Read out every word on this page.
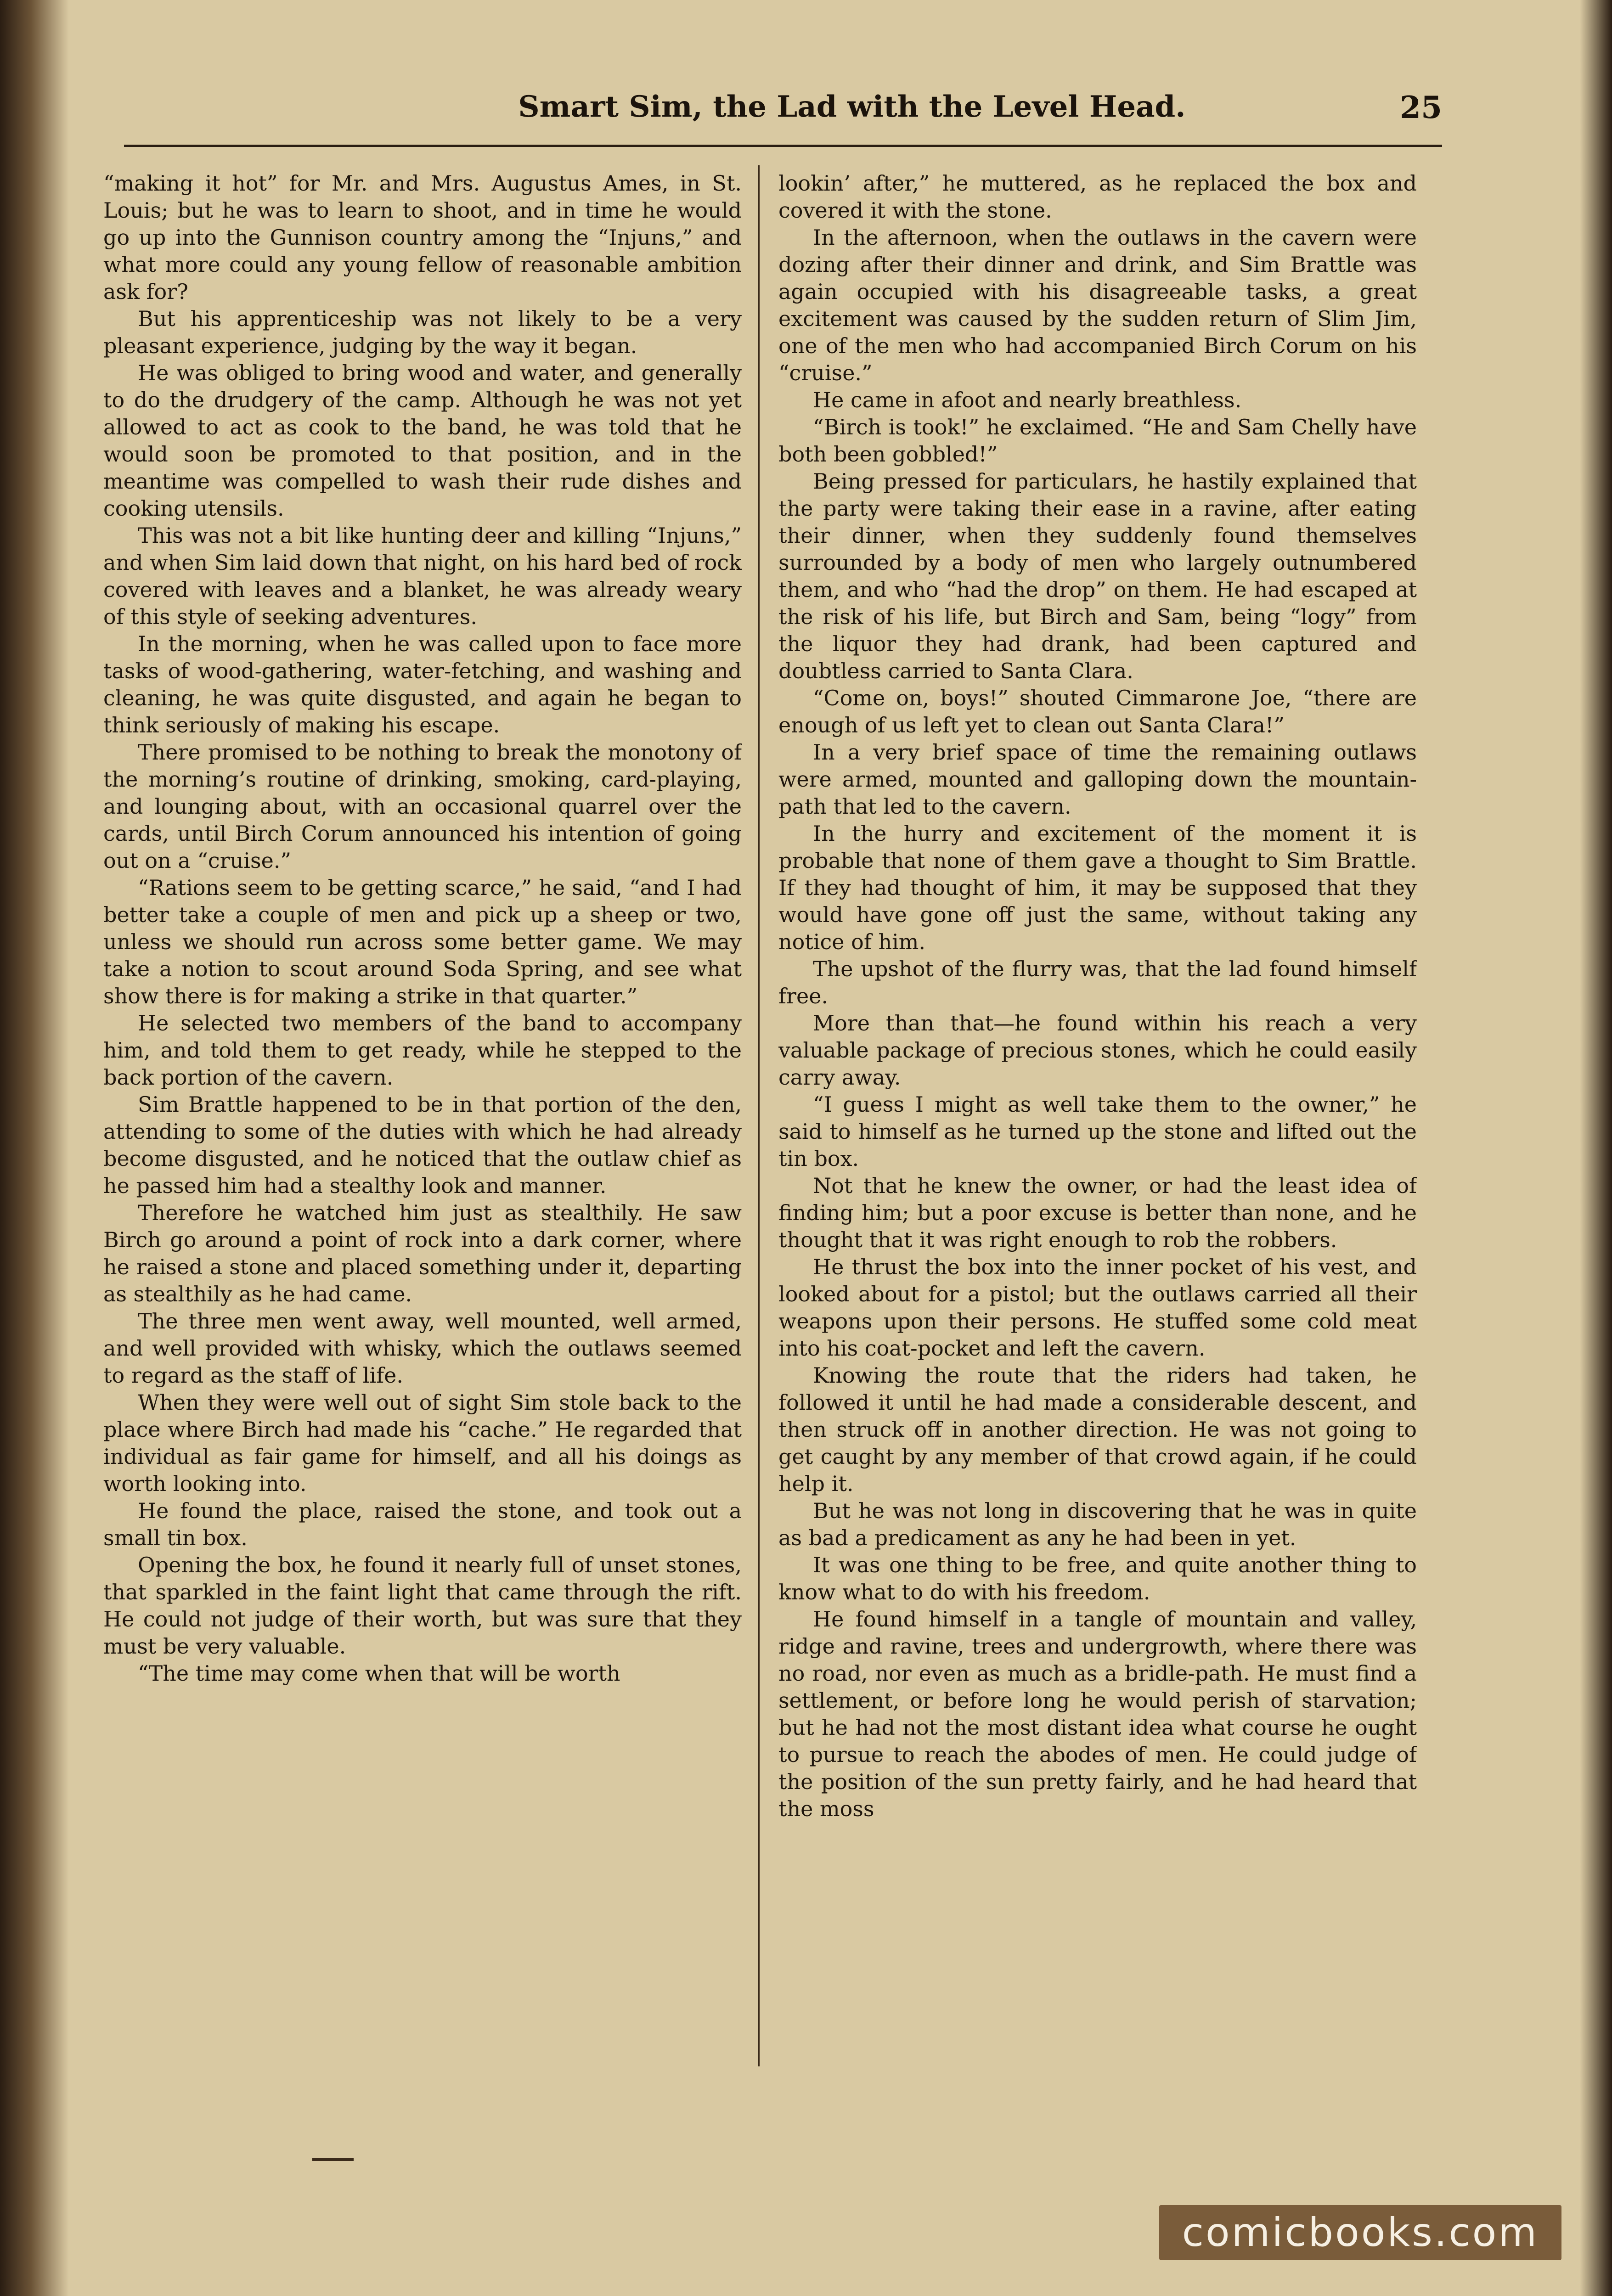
Smart Sim, the Lad with the Level Head.	25

“making it hot” for Mr. and Mrs. Augustus Ames, in St. Louis; but he was to learn to shoot, and in time he would go up into the Gunnison country among the “Injuns,” and what more could any young fellow of reasonable ambition ask for?

But his apprenticeship was not likely to be a very pleasant experience, judging by the way it began.

He was obliged to bring wood and water, and generally to do the drudgery of the camp. Although he was not yet allowed to act as cook to the band, he was told that he would soon be promoted to that position, and in the meantime was compelled to wash their rude dishes and cooking utensils.

This was not a bit like hunting deer and killing “Injuns,” and when Sim laid down that night, on his hard bed of rock covered with leaves and a blanket, he was already weary of this style of seeking adventures.

In the morning, when he was called upon to face more tasks of wood-gathering, water-fetching, and washing and cleaning, he was quite disgusted, and again he began to think seriously of making his escape.

There promised to be nothing to break the monotony of the morning’s routine of drinking, smoking, card-playing, and lounging about, with an occasional quarrel over the cards, until Birch Corum announced his intention of going out on a “cruise.”

“Rations seem to be getting scarce,” he said, “and I had better take a couple of men and pick up a sheep or two, unless we should run across some better game. We may take a notion to scout around Soda Spring, and see what show there is for making a strike in that quarter.”

He selected two members of the band to accompany him, and told them to get ready, while he stepped to the back portion of the cavern.

Sim Brattle happened to be in that portion of the den, attending to some of the duties with which he had already become disgusted, and he noticed that the outlaw chief as he passed him had a stealthy look and manner.

Therefore he watched him just as stealthily. He saw Birch go around a point of rock into a dark corner, where he raised a stone and placed something under it, departing as stealthily as he had came.

The three men went away, well mounted, well armed, and well provided with whisky, which the outlaws seemed to regard as the staff of life.

When they were well out of sight Sim stole back to the place where Birch had made his “cache.” He regarded that individual as fair game for himself, and all his doings as worth looking into.

He found the place, raised the stone, and took out a small tin box.

Opening the box, he found it nearly full of unset stones, that sparkled in the faint light that came through the rift. He could not judge of their worth, but was sure that they must be very valuable.

“The time may come when that will be worth

lookin’ after,” he muttered, as he replaced the box and covered it with the stone.

In the afternoon, when the outlaws in the cavern were dozing after their dinner and drink, and Sim Brattle was again occupied with his disagreeable tasks, a great excitement was caused by the sudden return of Slim Jim, one of the men who had accompanied Birch Corum on his “cruise.”

He came in afoot and nearly breathless.

“Birch is took!” he exclaimed. “He and Sam Chelly have both been gobbled!”

Being pressed for particulars, he hastily explained that the party were taking their ease in a ravine, after eating their dinner, when they suddenly found themselves surrounded by a body of men who largely outnumbered them, and who “had the drop” on them. He had escaped at the risk of his life, but Birch and Sam, being “logy” from the liquor they had drank, had been captured and doubtless carried to Santa Clara.

“Come on, boys!” shouted Cimmarone Joe, “there are enough of us left yet to clean out Santa Clara!”

In a very brief space of time the remaining outlaws were armed, mounted and galloping down the mountain-path that led to the cavern.

In the hurry and excitement of the moment it is probable that none of them gave a thought to Sim Brattle. If they had thought of him, it may be supposed that they would have gone off just the same, without taking any notice of him.

The upshot of the flurry was, that the lad found himself free.

More than that—he found within his reach a very valuable package of precious stones, which he could easily carry away.

“I guess I might as well take them to the owner,” he said to himself as he turned up the stone and lifted out the tin box.

Not that he knew the owner, or had the least idea of finding him; but a poor excuse is better than none, and he thought that it was right enough to rob the robbers.

He thrust the box into the inner pocket of his vest, and looked about for a pistol; but the outlaws carried all their weapons upon their persons. He stuffed some cold meat into his coat-pocket and left the cavern.

Knowing the route that the riders had taken, he followed it until he had made a considerable descent, and then struck off in another direction. He was not going to get caught by any member of that crowd again, if he could help it.

But he was not long in discovering that he was in quite as bad a predicament as any he had been in yet.

It was one thing to be free, and quite another thing to know what to do with his freedom.

He found himself in a tangle of mountain and valley, ridge and ravine, trees and undergrowth, where there was no road, nor even as much as a bridle-path. He must find a settlement, or before long he would perish of starvation; but he had not the most distant idea what course he ought to pursue to reach the abodes of men. He could judge of the position of the sun pretty fairly, and he had heard that the moss

comicbooks.com
